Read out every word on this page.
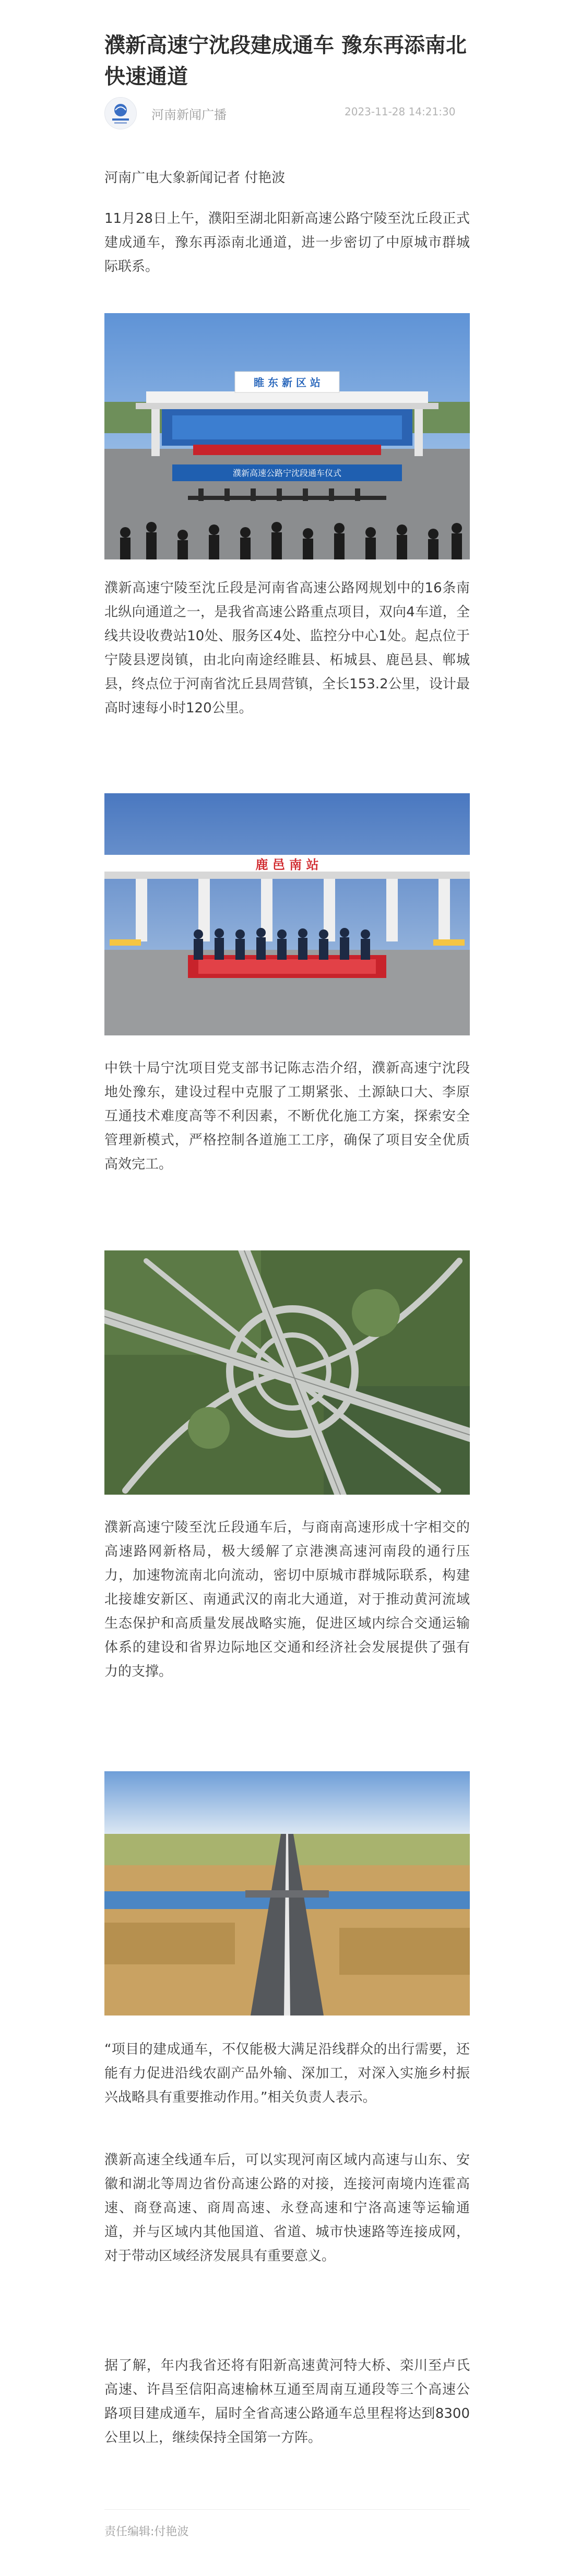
濮新高速宁沈段建成通车 豫东再添南北快速通道
河南新闻广播	2023-11-28 14:21:30

河南广电大象新闻记者 付艳波

11月28日上午，濮阳至湖北阳新高速公路宁陵至沈丘段正式建成通车，豫东再添南北通道，进一步密切了中原城市群城际联系。

睢 东 新 区 站
濮新高速公路宁沈段通车仪式

濮新高速宁陵至沈丘段是河南省高速公路网规划中的16条南北纵向通道之一，是我省高速公路重点项目，双向4车道，全线共设收费站10处、服务区4处、监控分中心1处。起点位于宁陵县逻岗镇，由北向南途经睢县、柘城县、鹿邑县、郸城县，终点位于河南省沈丘县周营镇，全长153.2公里，设计最高时速每小时120公里。

鹿 邑 南 站

中铁十局宁沈项目党支部书记陈志浩介绍，濮新高速宁沈段地处豫东，建设过程中克服了工期紧张、土源缺口大、李原互通技术难度高等不利因素，不断优化施工方案，探索安全管理新模式，严格控制各道施工工序，确保了项目安全优质高效完工。

濮新高速宁陵至沈丘段通车后，与商南高速形成十字相交的高速路网新格局，极大缓解了京港澳高速河南段的通行压力，加速物流南北向流动，密切中原城市群城际联系，构建北接雄安新区、南通武汉的南北大通道，对于推动黄河流域生态保护和高质量发展战略实施，促进区域内综合交通运输体系的建设和省界边际地区交通和经济社会发展提供了强有力的支撑。

“项目的建成通车，不仅能极大满足沿线群众的出行需要，还能有力促进沿线农副产品外输、深加工，对深入实施乡村振兴战略具有重要推动作用。”相关负责人表示。

濮新高速全线通车后，可以实现河南区域内高速与山东、安徽和湖北等周边省份高速公路的对接，连接河南境内连霍高速、商登高速、商周高速、永登高速和宁洛高速等运输通道，并与区域内其他国道、省道、城市快速路等连接成网，对于带动区域经济发展具有重要意义。

据了解，年内我省还将有阳新高速黄河特大桥、栾川至卢氏高速、许昌至信阳高速榆林互通至周南互通段等三个高速公路项目建成通车，届时全省高速公路通车总里程将达到8300公里以上，继续保持全国第一方阵。

责任编辑:付艳波
